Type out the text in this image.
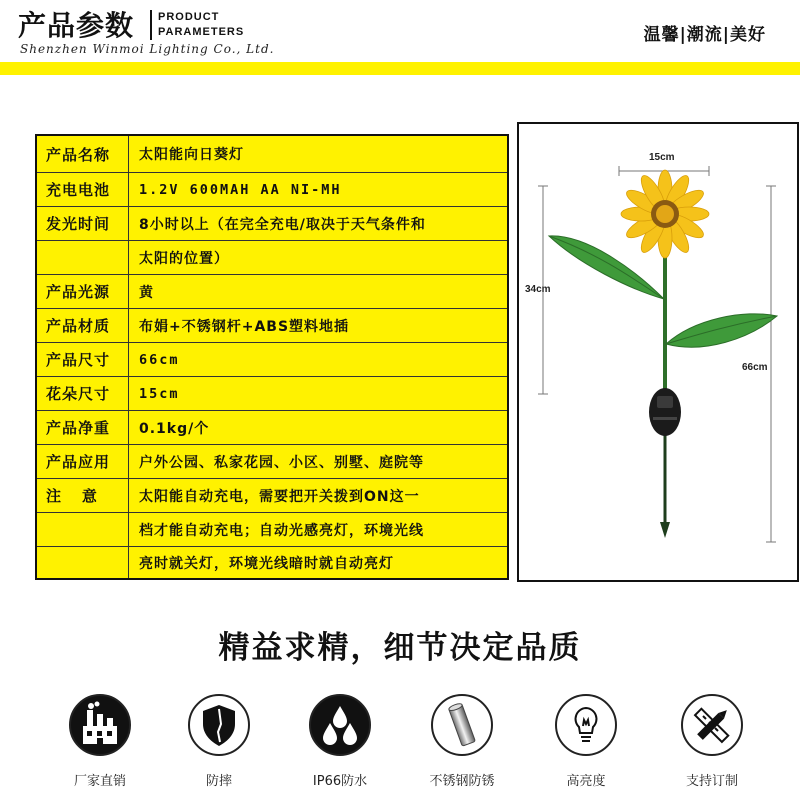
产品参数 PRODUCT
PARAMETERS
Shenzhen Winmoi Lighting Co., Ltd.
温馨|潮流|美好
产品名称	太阳能向日葵灯
充电电池	1.2V 600MAH AA NI-MH
发光时间	8小时以上（在完全充电/取决于天气条件和
太阳的位置）
产品光源	黄
产品材质	布娟+不锈钢杆+ABS塑料地插
产品尺寸	66cm
花朵尺寸	15cm
产品净重	0.1kg/个
产品应用	户外公园、私家花园、小区、别墅、庭院等
注    意	太阳能自动充电，需要把开关拨到ON这一
档才能自动充电；自动光感亮灯，环境光线
亮时就关灯，环境光线暗时就自动亮灯
15cm
34cm
66cm
精益求精，细节决定品质
厂家直销	防摔	IP66防水	不锈钢防锈	高亮度	支持订制
